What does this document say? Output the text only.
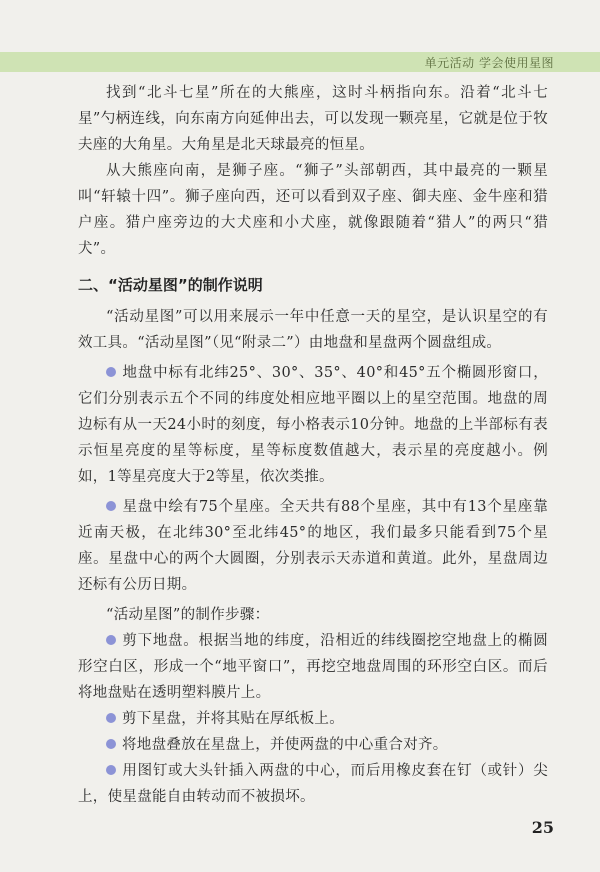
单元活动 学会使用星图

找到“北斗七星”所在的大熊座，这时斗柄指向东。沿着“北斗七星”勺柄连线，向东南方向延伸出去，可以发现一颗亮星，它就是位于牧夫座的大角星。大角星是北天球最亮的恒星。

从大熊座向南，是狮子座。“狮子”头部朝西，其中最亮的一颗星叫“轩辕十四”。狮子座向西，还可以看到双子座、御夫座、金牛座和猎户座。猎户座旁边的大犬座和小犬座，就像跟随着“猎人”的两只“猎犬”。

二、“活动星图”的制作说明

“活动星图”可以用来展示一年中任意一天的星空，是认识星空的有效工具。“活动星图”（见“附录二”）由地盘和星盘两个圆盘组成。

地盘中标有北纬25°、30°、35°、40°和45°五个椭圆形窗口，它们分别表示五个不同的纬度处相应地平圈以上的星空范围。地盘的周边标有从一天24小时的刻度，每小格表示10分钟。地盘的上半部标有表示恒星亮度的星等标度，星等标度数值越大，表示星的亮度越小。例如，1等星亮度大于2等星，依次类推。

星盘中绘有75个星座。全天共有88个星座，其中有13个星座靠近南天极，在北纬30°至北纬45°的地区，我们最多只能看到75个星座。星盘中心的两个大圆圈，分别表示天赤道和黄道。此外，星盘周边还标有公历日期。

“活动星图”的制作步骤：

剪下地盘。根据当地的纬度，沿相近的纬线圈挖空地盘上的椭圆形空白区，形成一个“地平窗口”，再挖空地盘周围的环形空白区。而后将地盘贴在透明塑料膜片上。

剪下星盘，并将其贴在厚纸板上。

将地盘叠放在星盘上，并使两盘的中心重合对齐。

用图钉或大头针插入两盘的中心，而后用橡皮套在钉（或针）尖上，使星盘能自由转动而不被损坏。

25
